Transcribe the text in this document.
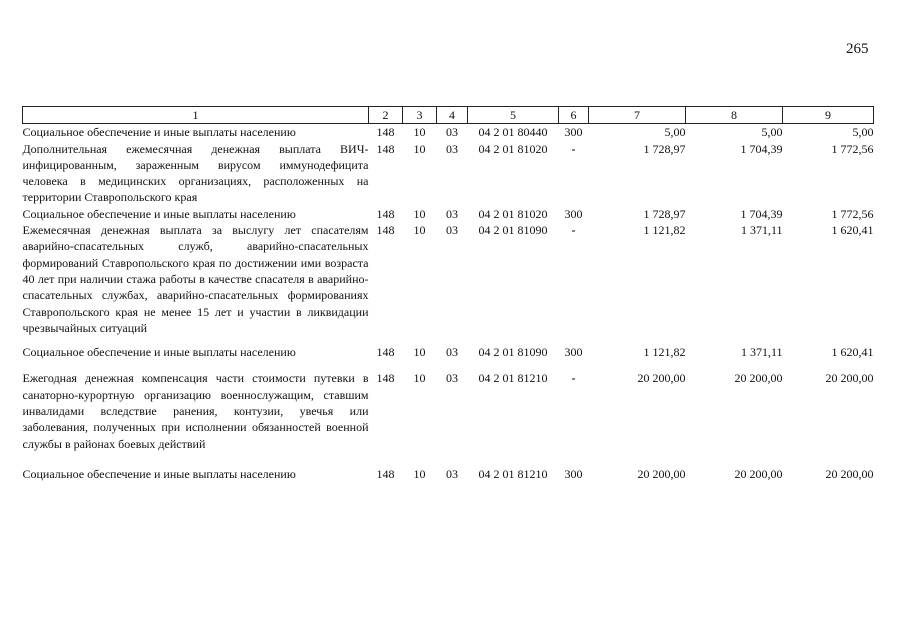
265
1	2	3	4	5	6	7	8	9
Социальное обеспечение и иные выплаты населению	148	10	03	04 2 01 80440	300	5,00	5,00	5,00
Дополнительная ежемесячная денежная выплата ВИЧ-инфицированным, зараженным вирусом иммунодефицита человека в медицинских организациях, расположенных на территории Ставропольского края	148	10	03	04 2 01 81020	-	1 728,97	1 704,39	1 772,56
Социальное обеспечение и иные выплаты населению	148	10	03	04 2 01 81020	300	1 728,97	1 704,39	1 772,56
Ежемесячная денежная выплата за выслугу лет спасателям аварийно-спасательных служб, аварийно-спасательных формирований Ставропольского края по достижении ими возраста 40 лет при наличии стажа работы в качестве спасателя в аварийно-спасательных службах, аварийно-спасательных формированиях Ставропольского края не менее 15 лет и участии в ликвидации чрезвычайных ситуаций	148	10	03	04 2 01 81090	-	1 121,82	1 371,11	1 620,41

Социальное обеспечение и иные выплаты населению	148	10	03	04 2 01 81090	300	1 121,82	1 371,11	1 620,41

Ежегодная денежная компенсация части стоимости путевки в санаторно-курортную организацию военнослужащим, ставшим инвалидами вследствие ранения, контузии, увечья или заболевания, полученных при исполнении обязанностей военной службы в районах боевых действий	148	10	03	04 2 01 81210	-	20 200,00	20 200,00	20 200,00

Социальное обеспечение и иные выплаты населению	148	10	03	04 2 01 81210	300	20 200,00	20 200,00	20 200,00
